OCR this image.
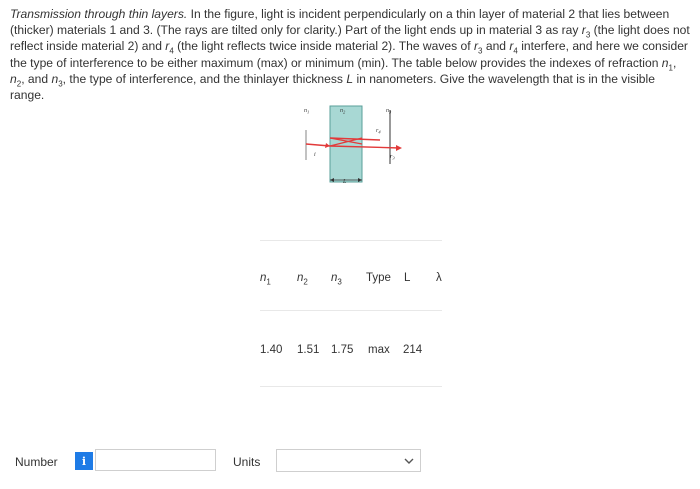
Transmission through thin layers. In the figure, light is incident perpendicularly on a thin layer of material 2 that lies between (thicker) materials 1 and 3. (The rays are tilted only for clarity.) Part of the light ends up in material 3 as ray $r_3$ (the light does not reflect inside material 2) and $r_4$ (the light reflects twice inside material 2). The waves of $r_3$ and $r_4$ interfere, and here we consider the type of interference to be either maximum (max) or minimum (min). The table below provides the indexes of refraction $n_1$, $n_2$, and $n_3$, the type of interference, and the thinlayer thickness L in nanometers. Give the wavelength that is in the visible range.
$n_1$	$n_2$	$n_3$
$r_4$
$r_3$
i
L
$n_1$ $n_2$ $n_3$ Type L λ
1.40 1.51 1.75 max 214
Number	i	Units
